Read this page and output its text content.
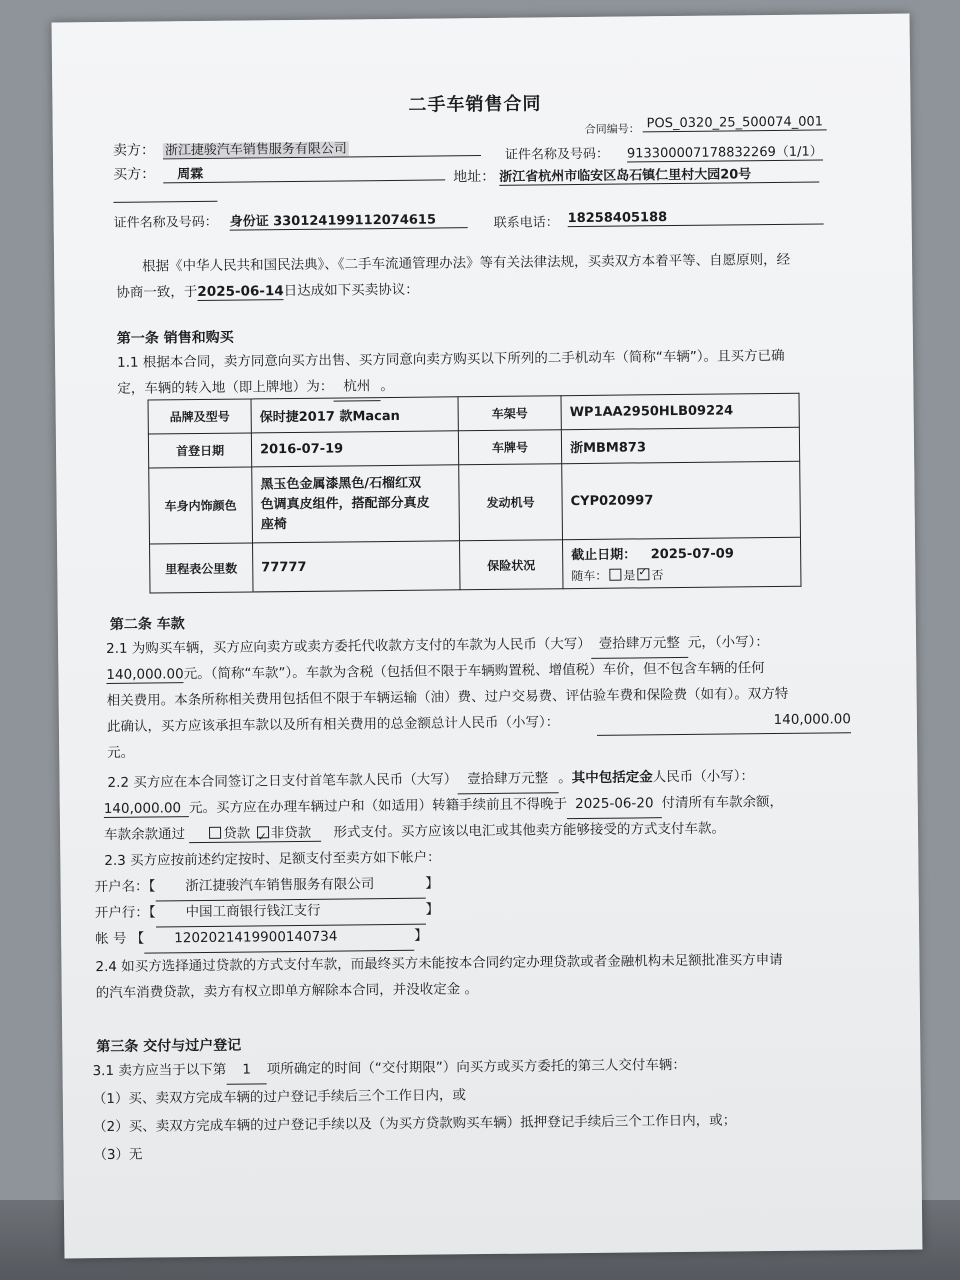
二手车销售合同
合同编号： POS_0320_25_500074_001
卖方： 浙江捷骏汽车销售服务有限公司	证件名称及号码： 913300007178832269（1/1）
买方：	周霖	地址： 浙江省杭州市临安区岛石镇仁里村大园20号
证件名称及号码： 身份证 330124199112074615	联系电话： 18258405188
根据《中华人民共和国民法典》、《二手车流通管理办法》等有关法律法规，买卖双方本着平等、自愿原则，经
协商一致，于2025-06-14日达成如下买卖协议：
第一条 销售和购买
1.1 根据本合同，卖方同意向买方出售、买方同意向卖方购买以下所列的二手机动车（简称“车辆”）。且买方已确
定，车辆的转入地（即上牌地）为： 杭州 。
品牌及型号	保时捷2017 款Macan	车架号	WP1AA2950HLB09224
首登日期	2016-07-19	车牌号	浙MBM873
车身内饰颜色	黑玉色金属漆黑色/石榴红双
色调真皮组件，搭配部分真皮
座椅	发动机号	CYP020997
里程表公里数	77777	保险状况	截止日期： 2025-07-09
随车： 是 ✓ 否
第二条 车款
2.1 为购买车辆，买方应向卖方或卖方委托代收款方支付的车款为人民币（大写） 壹拾肆万元整 元，（小写）：
140,000.00元。（简称“车款”）。车款为含税（包括但不限于车辆购置税、增值税）车价，但不包含车辆的任何
相关费用。本条所称相关费用包括但不限于车辆运输（油）费、过户交易费、评估验车费和保险费（如有）。双方特
此确认，买方应该承担车款以及所有相关费用的总金额总计人民币（小写）：	140,000.00
元。
2.2 买方应在本合同签订之日支付首笔车款人民币（大写） 壹拾肆万元整 。其中包括定金人民币（小写）：
140,000.00 元。买方应在办理车辆过户和（如适用）转籍手续前且不得晚于 2025-06-20 付清所有车款余额，
车款余款通过	贷款 ✓ 非贷款 形式支付。买方应该以电汇或其他卖方能够接受的方式支付车款。
2.3 买方应按前述约定按时、足额支付至卖方如下帐户：
开户名：【 浙江捷骏汽车销售服务有限公司	】
开户行：【 中国工商银行钱江支行	】
帐 号 【 1202021419900140734	】
2.4 如买方选择通过贷款的方式支付车款，而最终买方未能按本合同约定办理贷款或者金融机构未足额批准买方申请
的汽车消费贷款，卖方有权立即单方解除本合同，并没收定金 。
第三条 交付与过户登记
3.1 卖方应当于以下第 1 项所确定的时间（“交付期限”）向买方或买方委托的第三人交付车辆：
（1）买、卖双方完成车辆的过户登记手续后三个工作日内，或
（2）买、卖双方完成车辆的过户登记手续以及（为买方贷款购买车辆）抵押登记手续后三个工作日内，或；
（3）无
